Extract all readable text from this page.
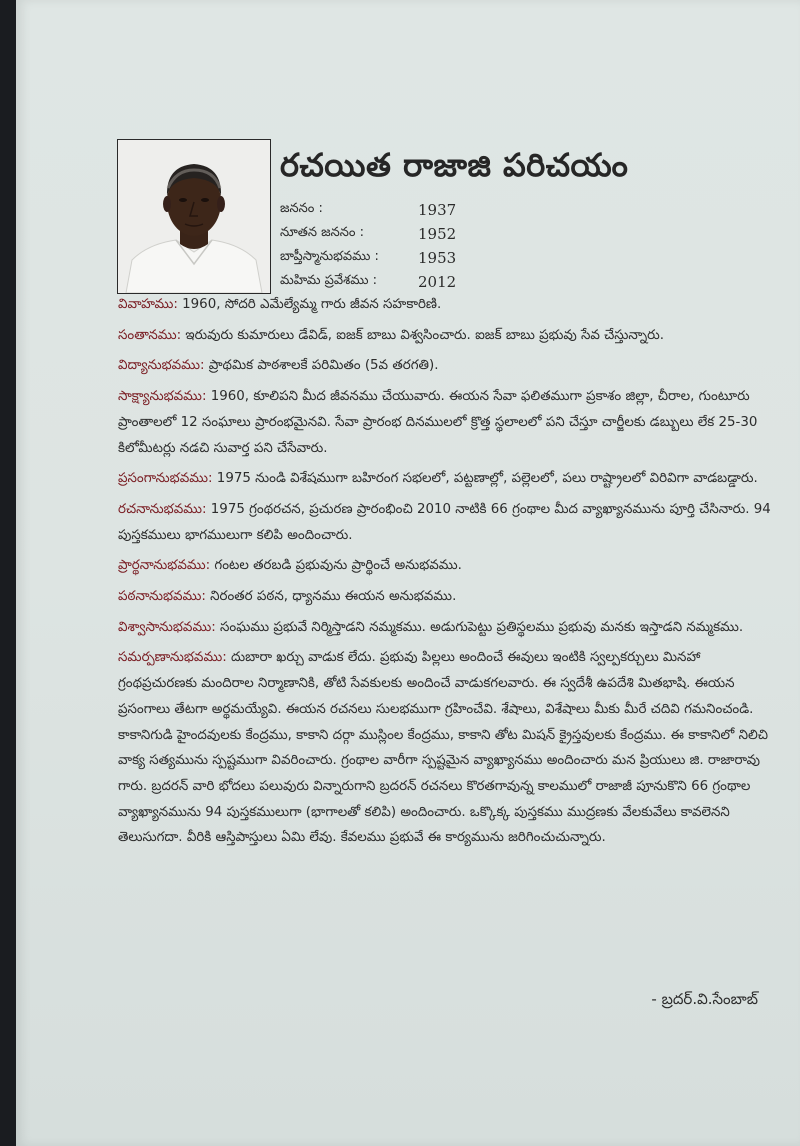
రచయిత రాజాజి పరిచయం
జననం :	1937
నూతన జననం :	1952
బాప్తీస్మానుభవము :	1953
మహిమ ప్రవేశము :	2012

వివాహము: 1960, సోదరి ఎమేల్యేమ్మ గారు జీవన సహకారిణి.

సంతానము: ఇరువురు కుమారులు డేవిడ్, ఐజక్ బాబు విశ్వసించారు. ఐజక్ బాబు ప్రభువు సేవ చేస్తున్నారు.

విద్యానుభవము: ప్రాథమిక పాఠశాలకే పరిమితం (5వ తరగతి).

సాక్ష్యానుభవము: 1960, కూలిపని మీద జీవనము చేయువారు. ఈయన సేవా ఫలితముగా ప్రకాశం జిల్లా, చీరాల, గుంటూరు ప్రాంతాలలో 12 సంఘాలు ప్రారంభమైనవి. సేవా ప్రారంభ దినములలో క్రొత్త స్థలాలలో పని చేస్తూ చార్జీలకు డబ్బులు లేక 25-30 కిలోమీటర్లు నడచి సువార్త పని చేసేవారు.

ప్రసంగానుభవము: 1975 నుండి విశేషముగా బహిరంగ సభలలో, పట్టణాల్లో, పల్లెలలో, పలు రాష్ట్రాలలో విరివిగా వాడబడ్డారు.

రచనానుభవము: 1975 గ్రంథరచన, ప్రచురణ ప్రారంభించి 2010 నాటికి 66 గ్రంథాల మీద వ్యాఖ్యానమును పూర్తి చేసినారు. 94 పుస్తకములు భాగములుగా కలిపి అందించారు.

ప్రార్థనానుభవము: గంటల తరబడి ప్రభువును ప్రార్థించే అనుభవము.

పఠనానుభవము: నిరంతర పఠన, ధ్యానము ఈయన అనుభవము.

విశ్వాసానుభవము: సంఘము ప్రభువే నిర్మిస్తాడని నమ్మకము. అడుగుపెట్టు ప్రతిస్థలము ప్రభువు మనకు ఇస్తాడని నమ్మకము.

సమర్పణానుభవము: దుబారా ఖర్చు వాడుక లేదు. ప్రభువు పిల్లలు అందించే ఈవులు ఇంటికి స్వల్పకర్చులు మినహా గ్రంథప్రచురణకు మందిరాల నిర్మాణానికి, తోటి సేవకులకు అందించే వాడుకగలవారు. ఈ స్వదేశీ ఉపదేశి మితభాషి. ఈయన ప్రసంగాలు తేటగా అర్థమయ్యేవి. ఈయన రచనలు సులభముగా గ్రహించేవి. శేషాలు, విశేషాలు మీకు మీరే చదివి గమనించండి. కాకానిగుడి హైందవులకు కేంద్రము, కాకాని దర్గా ముస్లింల కేంద్రము, కాకాని తోట మిషన్ క్రైస్తవులకు కేంద్రము. ఈ కాకానిలో నిలిచి వాక్య సత్యమును స్పష్టముగా వివరించారు. గ్రంథాల వారీగా స్పష్టమైన వ్యాఖ్యానము అందించారు మన ప్రియులు జి. రాజారావు గారు. బ్రదరన్ వారి భోదలు పలువురు విన్నారుగాని బ్రదరన్ రచనలు కొరతగావున్న కాలములో రాజాజీ పూనుకొని 66 గ్రంథాల వ్యాఖ్యానమును 94 పుస్తకములుగా (భాగాలతో కలిపి) అందించారు. ఒక్కొక్క పుస్తకము ముద్రణకు వేలకువేలు కావలెనని తెలుసుగదా. వీరికి ఆస్తిపాస్తులు ఏమి లేవు. కేవలము ప్రభువే ఈ కార్యమును జరిగించుచున్నారు.

- బ్రదర్.వి.సేంబాబ్
